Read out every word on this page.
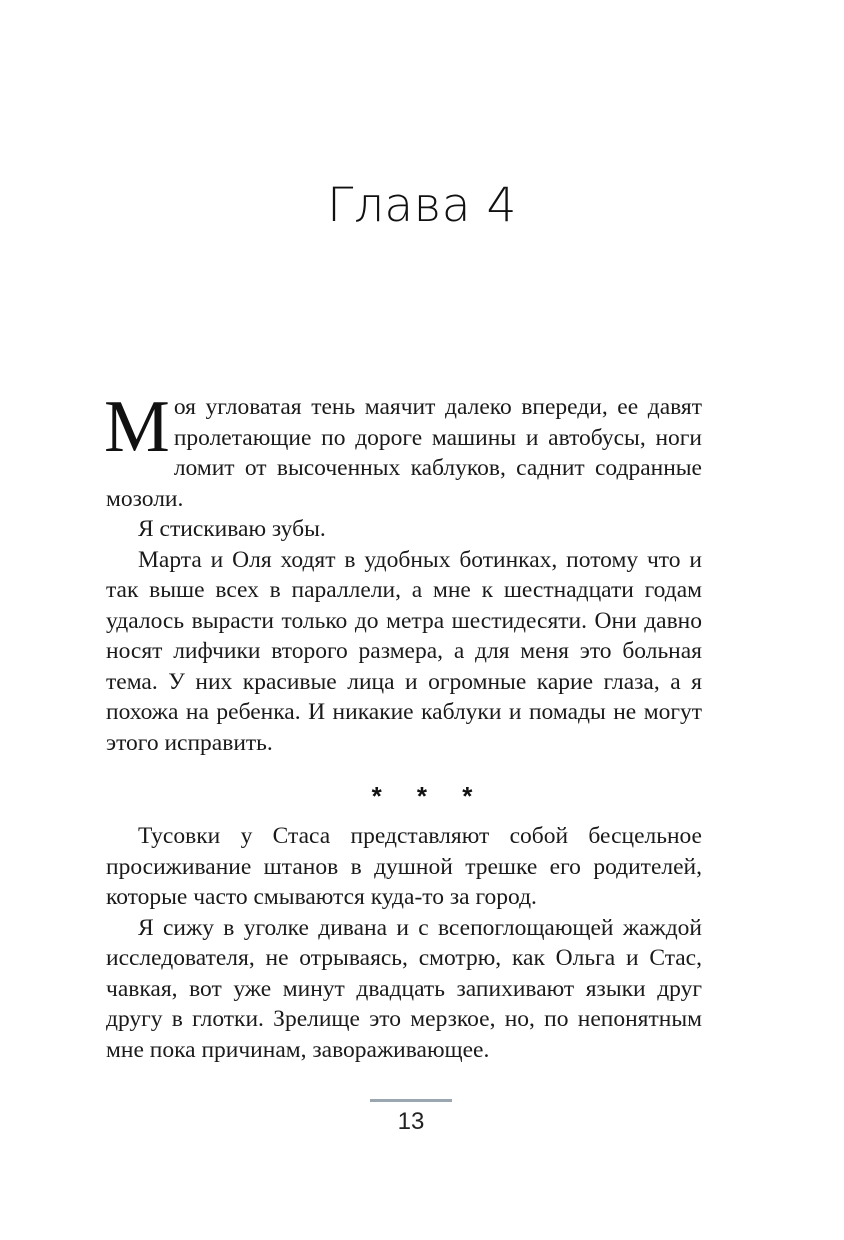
Глава 4

Моя угловатая тень маячит далеко впереди, ее давят пролетающие по дороге машины и автобусы, ноги ломит от высоченных каблуков, саднит содранные мозоли.

Я стискиваю зубы.

Марта и Оля ходят в удобных ботинках, потому что и так выше всех в параллели, а мне к шестнадцати годам удалось вырасти только до метра шестидесяти. Они давно носят лифчики второго размера, а для меня это больная тема. У них красивые лица и огромные карие глаза, а я похожа на ребенка. И никакие каблуки и помады не могут этого исправить.

* * *

Тусовки у Стаса представляют собой бесцельное просиживание штанов в душной трешке его родителей, которые часто смываются куда-то за город.

Я сижу в уголке дивана и с всепоглощающей жаждой исследователя, не отрываясь, смотрю, как Ольга и Стас, чавкая, вот уже минут двадцать запихивают языки друг другу в глотки. Зрелище это мерзкое, но, по непонятным мне пока причинам, завораживающее.

13
